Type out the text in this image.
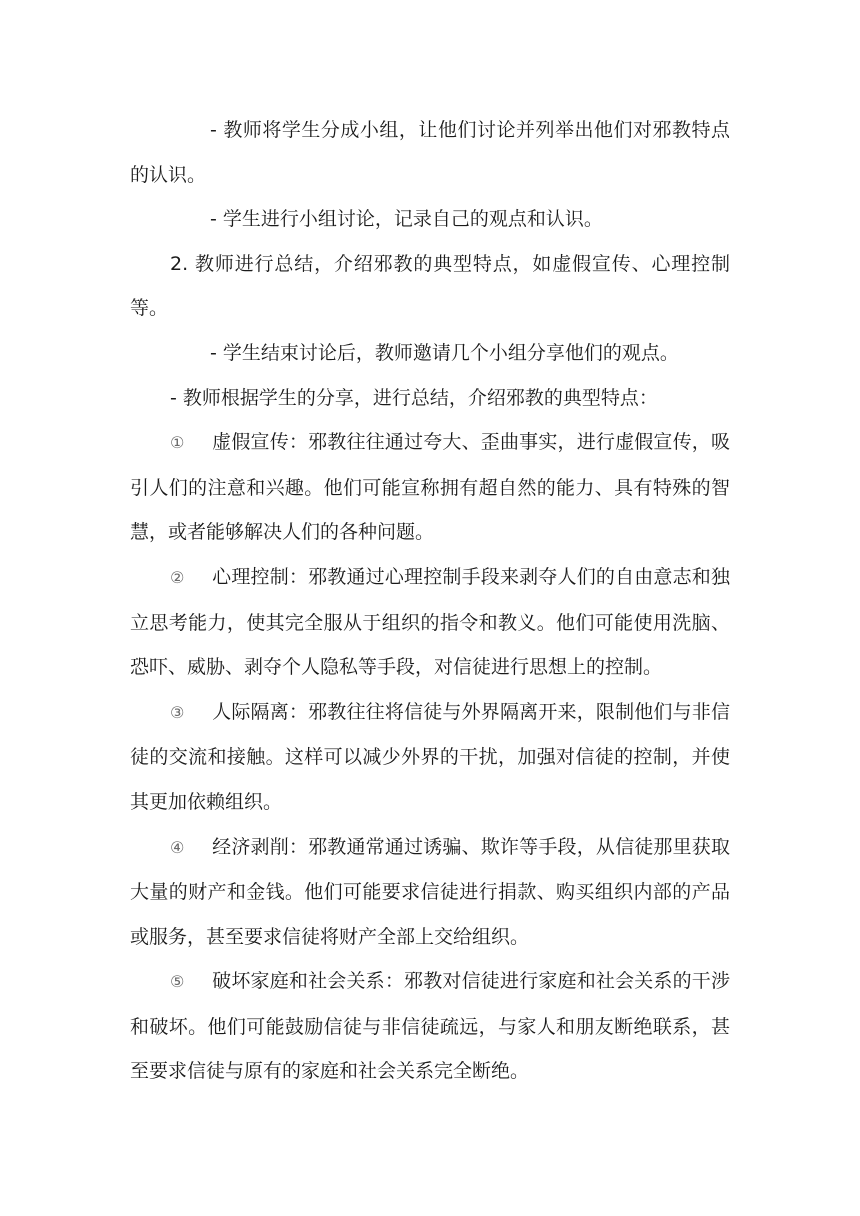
- 教师将学生分成小组，让他们讨论并列举出他们对邪教特点的认识。

- 学生进行小组讨论，记录自己的观点和认识。

2. 教师进行总结，介绍邪教的典型特点，如虚假宣传、心理控制等。

- 学生结束讨论后，教师邀请几个小组分享他们的观点。

- 教师根据学生的分享，进行总结，介绍邪教的典型特点：

① 虚假宣传：邪教往往通过夸大、歪曲事实，进行虚假宣传，吸引人们的注意和兴趣。他们可能宣称拥有超自然的能力、具有特殊的智慧，或者能够解决人们的各种问题。

② 心理控制：邪教通过心理控制手段来剥夺人们的自由意志和独立思考能力，使其完全服从于组织的指令和教义。他们可能使用洗脑、恐吓、威胁、剥夺个人隐私等手段，对信徒进行思想上的控制。

③ 人际隔离：邪教往往将信徒与外界隔离开来，限制他们与非信徒的交流和接触。这样可以减少外界的干扰，加强对信徒的控制，并使其更加依赖组织。

④ 经济剥削：邪教通常通过诱骗、欺诈等手段，从信徒那里获取大量的财产和金钱。他们可能要求信徒进行捐款、购买组织内部的产品或服务，甚至要求信徒将财产全部上交给组织。

⑤ 破坏家庭和社会关系：邪教对信徒进行家庭和社会关系的干涉和破坏。他们可能鼓励信徒与非信徒疏远，与家人和朋友断绝联系，甚至要求信徒与原有的家庭和社会关系完全断绝。
